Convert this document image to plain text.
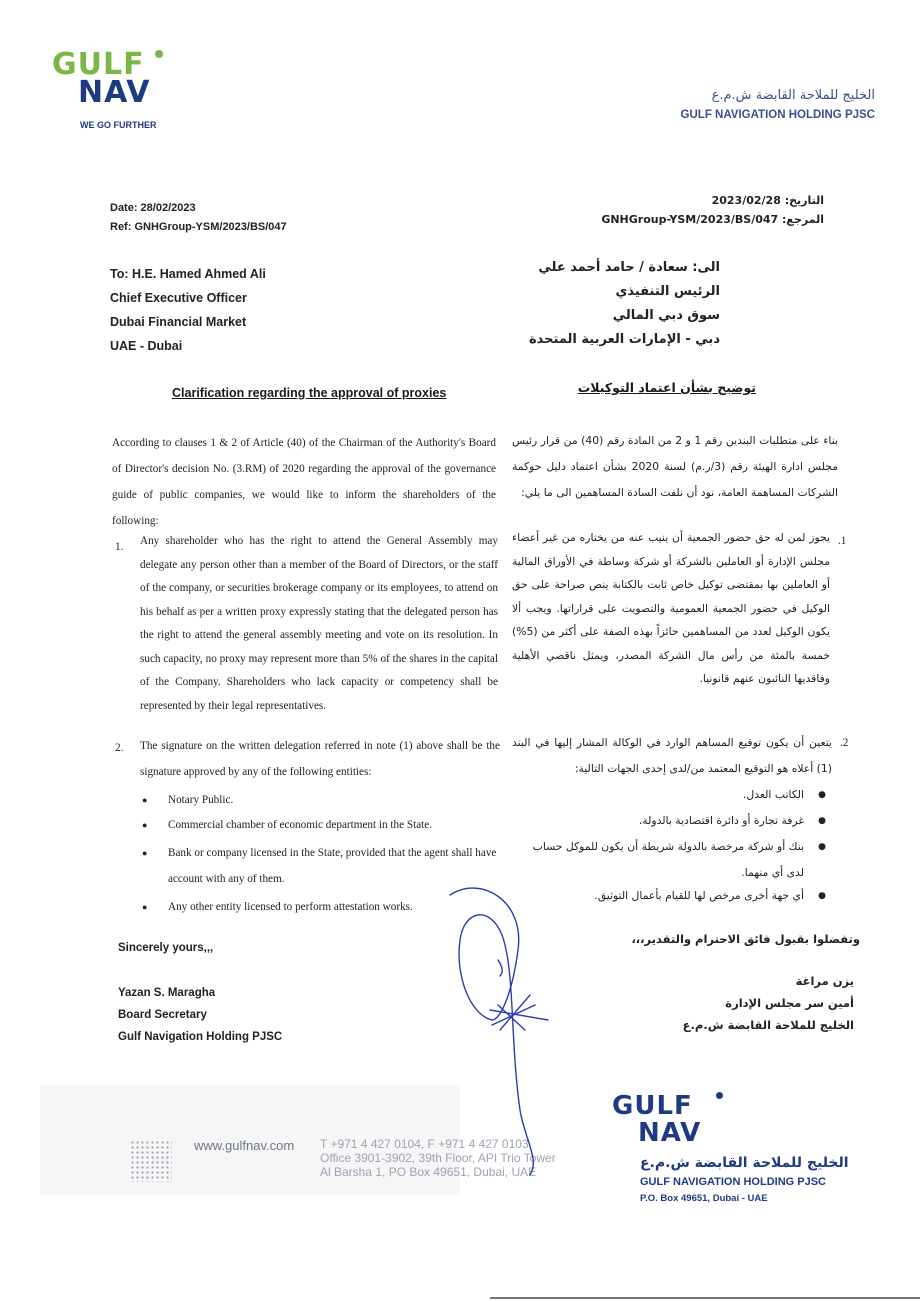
GULF
NAV
WE GO FURTHER
الخليج للملاحة القابضة ش.م.ع
GULF NAVIGATION HOLDING PJSC
Date: 28/02/2023
Ref: GNHGroup-YSM/2023/BS/047
التاريخ: 2023/02/28
المرجع: GNHGroup-YSM/2023/BS/047
To: H.E. Hamed Ahmed Ali
Chief Executive Officer
Dubai Financial Market
UAE - Dubai
الى: سعادة / حامد أحمد علي
الرئيس التنفيذي
سوق دبي المالي
دبي - الإمارات العربية المتحدة
Clarification regarding the approval of proxies	توضيح بشأن اعتماد التوكيلات
According to clauses 1 & 2 of Article (40) of the Chairman of the Authority's Board of Director's decision No. (3.RM) of 2020 regarding the approval of the governance guide of public companies, we would like to inform the shareholders of the following:
بناء على متطلبات البندين رقم 1 و 2 من المادة رقم (40) من قرار رئيس مجلس ادارة الهيئة رقم (3/ر.م) لسنة 2020 بشأن اعتماد دليل حوكمة الشركات المساهمة العامة، نود أن نلفت السادة المساهمين الى ما يلي:
1. Any shareholder who has the right to attend the General Assembly may delegate any person other than a member of the Board of Directors, or the staff of the company, or securities brokerage company or its employees, to attend on his behalf as per a written proxy expressly stating that the delegated person has the right to attend the general assembly meeting and vote on its resolution. In such capacity, no proxy may represent more than 5% of the shares in the capital of the Company. Shareholders who lack capacity or competency shall be represented by their legal representatives.
.1
يجوز لمن له حق حضور الجمعية أن ينيب عنه من يختاره من غير أعضاء مجلس الإدارة أو العاملين بالشركة أو شركة وساطة في الأوراق المالية أو العاملين بها بمقتضى توكيل خاص ثابت بالكتابة ينص صراحة على حق الوكيل في حضور الجمعية العمومية والتصويت على قراراتها. ويجب ألا يكون الوكيل لعدد من المساهمين حائزاً بهذه الصفة على أكثر من (5%) خمسة بالمئة من رأس مال الشركة المصدر، ويمثل ناقصي الأهلية وفاقديها النائبون عنهم قانونيا.
2. The signature on the written delegation referred in note (1) above shall be the signature approved by any of the following entities:
.2
يتعين أن يكون توقيع المساهم الوارد في الوكالة المشار إليها في البند (1) أعلاه هو التوقيع المعتمد من/لدى إحدى الجهات التالية:
● Notary Public.
● Commercial chamber of economic department in the State.
● Bank or company licensed in the State, provided that the agent shall have account with any of them.
● Any other entity licensed to perform attestation works.
● الكاتب العدل.
● غرفة تجارة أو دائرة اقتصادية بالدولة.
● بنك أو شركة مرخصة بالدولة شريطة أن يكون للموكل حساب لدى أي منهما.
● أي جهة أخرى مرخص لها للقيام بأعمال التوثيق.
Sincerely yours,,,
وتفضلوا بقبول فائق الاحترام والتقدير،،،
Yazan S. Maragha
Board Secretary
Gulf Navigation Holding PJSC
يزن مراغة
أمين سر مجلس الإدارة
الخليج للملاحة القابضة ش.م.ع
www.gulfnav.com T +971 4 427 0104, F +971 4 427 0103
Office 3901-3902, 39th Floor, API Trio Tower
Al Barsha 1, PO Box 49651, Dubai, UAE
GULF
NAV
الخليج للملاحة القابضة ش.م.ع
GULF NAVIGATION HOLDING PJSC
P.O. Box 49651, Dubai - UAE
